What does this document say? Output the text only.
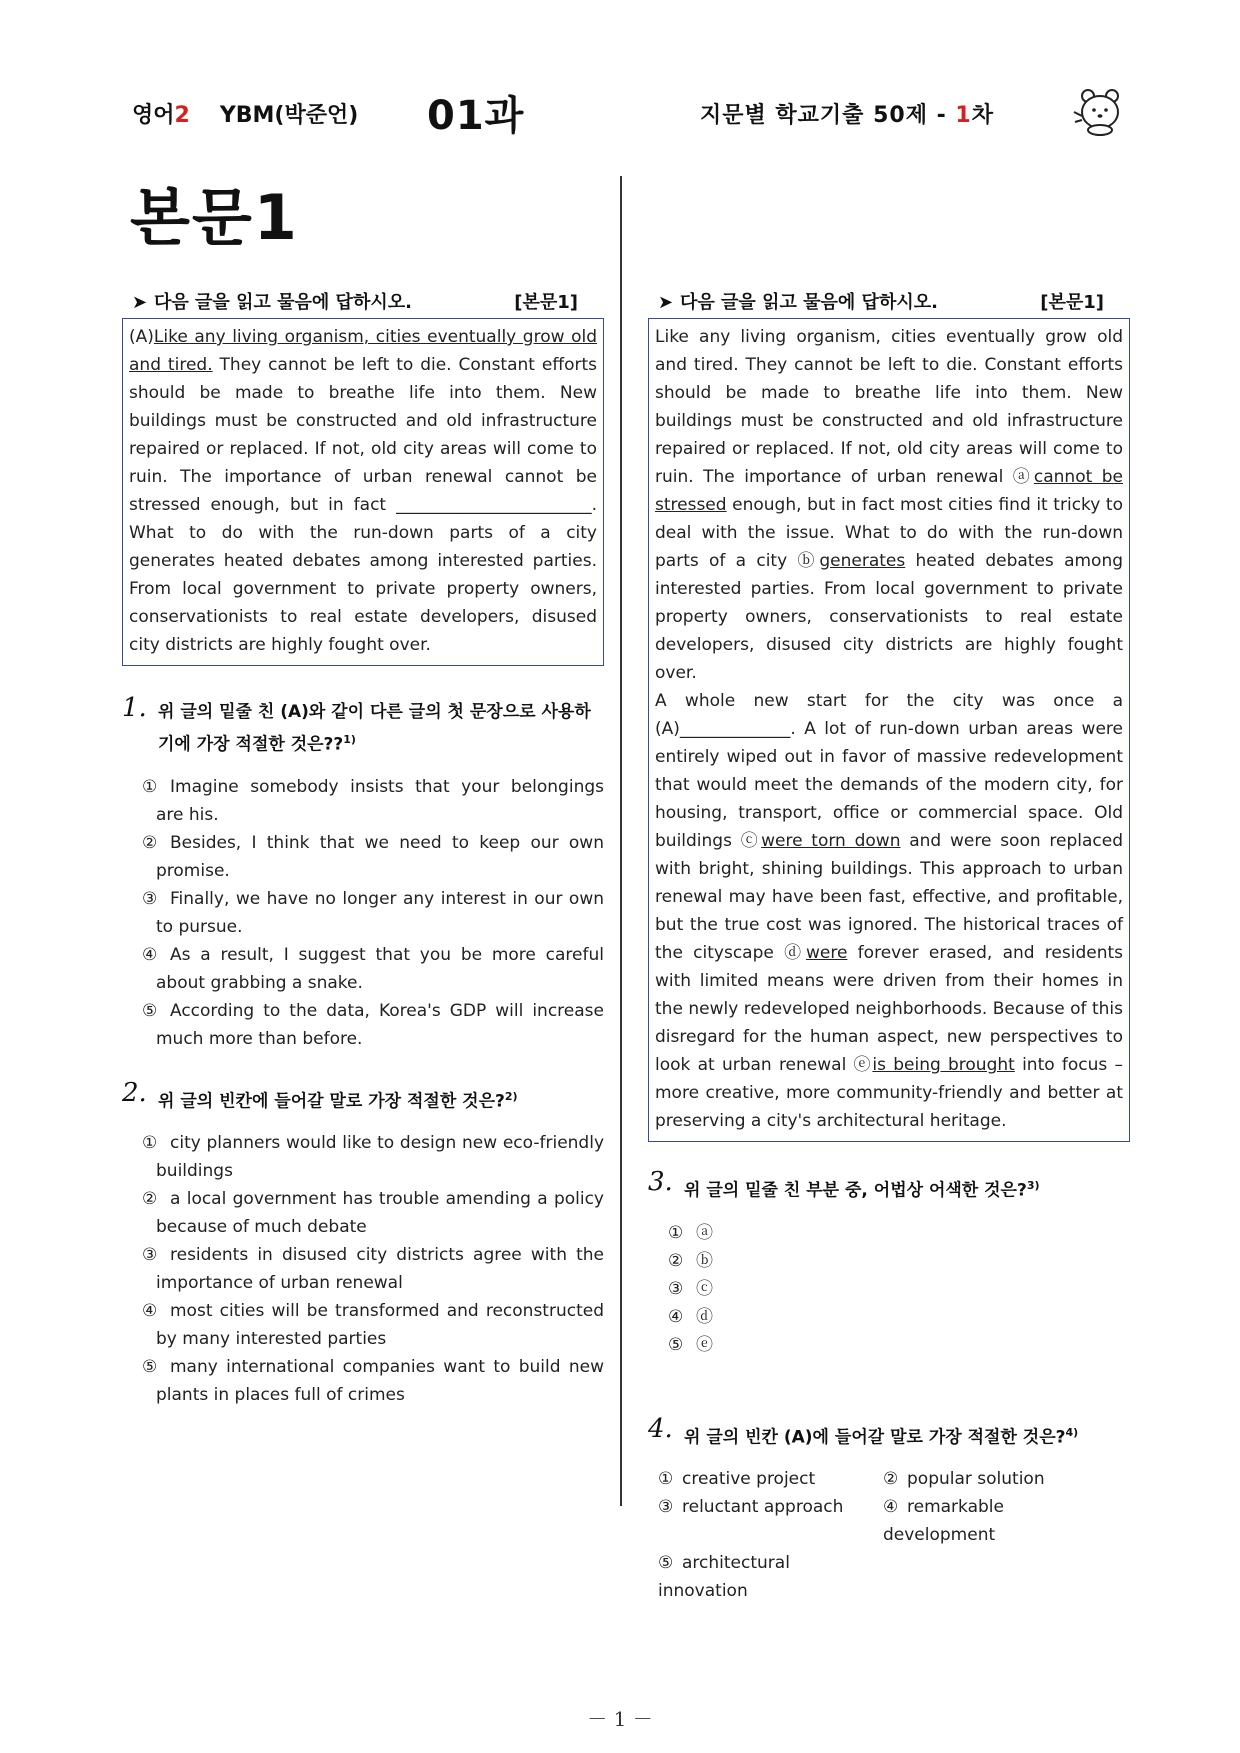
영어2 YBM(박준언) 01과	지문별 학교기출 50제 - 1차
본문1
➤ 다음 글을 읽고 물음에 답하시오.	[본문1]
(A)Like any living organism, cities eventually grow old and tired. They cannot be left to die. Constant efforts should be made to breathe life into them. New buildings must be constructed and old infrastructure repaired or replaced. If not, old city areas will come to ruin. The importance of urban renewal cannot be stressed enough, but in fact _______________________. What to do with the run-down parts of a city generates heated debates among interested parties. From local government to private property owners, conservationists to real estate developers, disused city districts are highly fought over.
1. 위 글의 밑줄 친 (A)와 같이 다른 글의 첫 문장으로 사용하기에 가장 적절한 것은??$^{1)}$
① Imagine somebody insists that your belongings are his.
② Besides, I think that we need to keep our own promise.
③ Finally, we have no longer any interest in our own to pursue.
④ As a result, I suggest that you be more careful about grabbing a snake.
⑤ According to the data, Korea's GDP will increase much more than before.
2. 위 글의 빈칸에 들어갈 말로 가장 적절한 것은?$^{2)}$
① city planners would like to design new eco-friendly buildings
② a local government has trouble amending a policy because of much debate
③ residents in disused city districts agree with the importance of urban renewal
④ most cities will be transformed and reconstructed by many interested parties
⑤ many international companies want to build new plants in places full of crimes
➤ 다음 글을 읽고 물음에 답하시오.	[본문1]
Like any living organism, cities eventually grow old and tired. They cannot be left to die. Constant efforts should be made to breathe life into them. New buildings must be constructed and old infrastructure repaired or replaced. If not, old city areas will come to ruin. The importance of urban renewal ⓐcannot be stressed enough, but in fact most cities find it tricky to deal with the issue. What to do with the run-down parts of a city ⓑgenerates heated debates among interested parties. From local government to private property owners, conservationists to real estate developers, disused city districts are highly fought over.
A whole new start for the city was once a (A)_____________. A lot of run-down urban areas were entirely wiped out in favor of massive redevelopment that would meet the demands of the modern city, for housing, transport, office or commercial space. Old buildings ⓒwere torn down and were soon replaced with bright, shining buildings. This approach to urban renewal may have been fast, effective, and profitable, but the true cost was ignored. The historical traces of the cityscape ⓓwere forever erased, and residents with limited means were driven from their homes in the newly redeveloped neighborhoods. Because of this disregard for the human aspect, new perspectives to look at urban renewal ⓔis being brought into focus – more creative, more community-friendly and better at preserving a city's architectural heritage.
3. 위 글의 밑줄 친 부분 중, 어법상 어색한 것은?$^{3)}$
① ⓐ
② ⓑ
③ ⓒ
④ ⓓ
⑤ ⓔ
4. 위 글의 빈칸 (A)에 들어갈 말로 가장 적절한 것은?$^{4)}$
① creative project	② popular solution
③ reluctant approach	④ remarkable development
⑤ architectural innovation
－ 1 －
